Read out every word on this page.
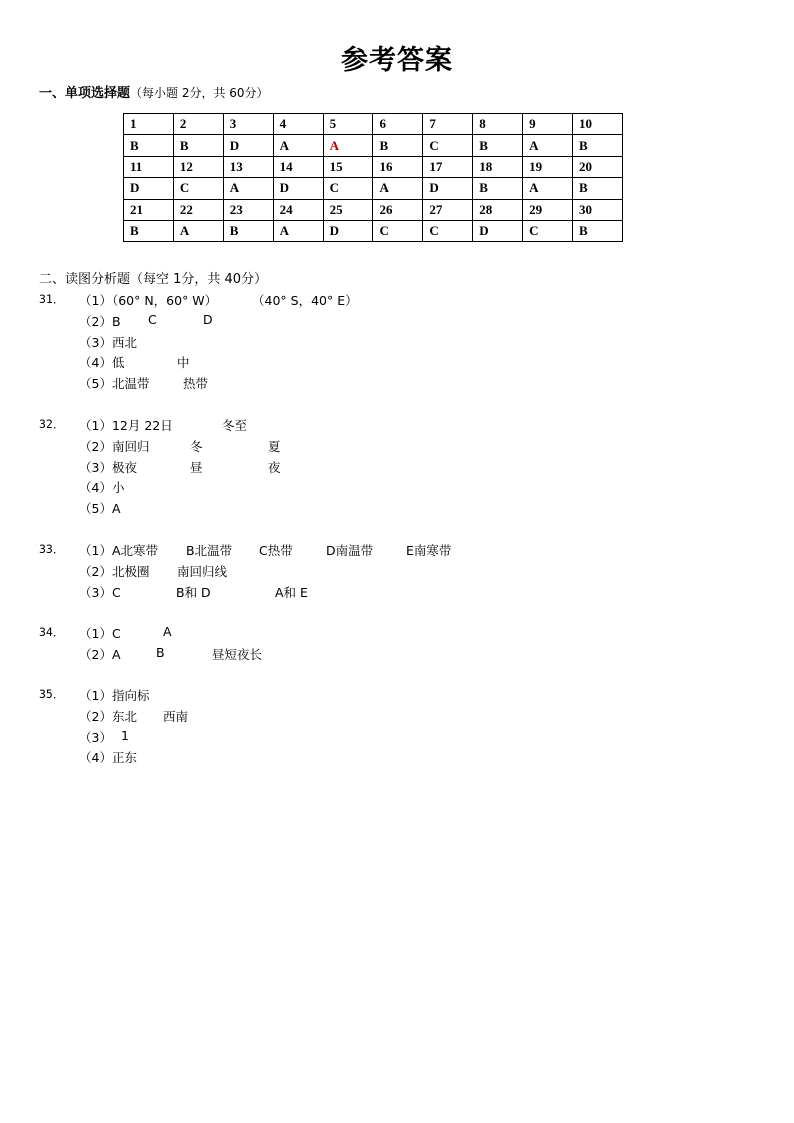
参考答案
一、单项选择题（每小题 2分，共 60分）
1	2	3	4	5	6	7	8	9	10
B	B	D	A	A	B	C	B	A	B
11	12	13	14	15	16	17	18	19	20
D	C	A	D	C	A	D	B	A	B
21	22	23	24	25	26	27	28	29	30
B	A	B	A	D	C	C	D	C	B
二、读图分析题（每空 1分，共 40分）
31． （1）（60° N，60° W）	（40° S，40° E）
（2）B C	D
（3）西北
（4）低	中
（5）北温带	热带
32． （1）12月 22日	冬至
（2）南回归	冬	夏
（3）极夜	昼	夜
（4）小
（5）A
33． （1）A北寒带 B北温带 C热带	D南温带	E南寒带
（2）北极圈 南回归线
（3）C	B和 D	A和 E
34． （1）C	A
（2）A	B	昼短夜长
35． （1）指向标
（2）东北 西南
（3） 1
（4）正东
